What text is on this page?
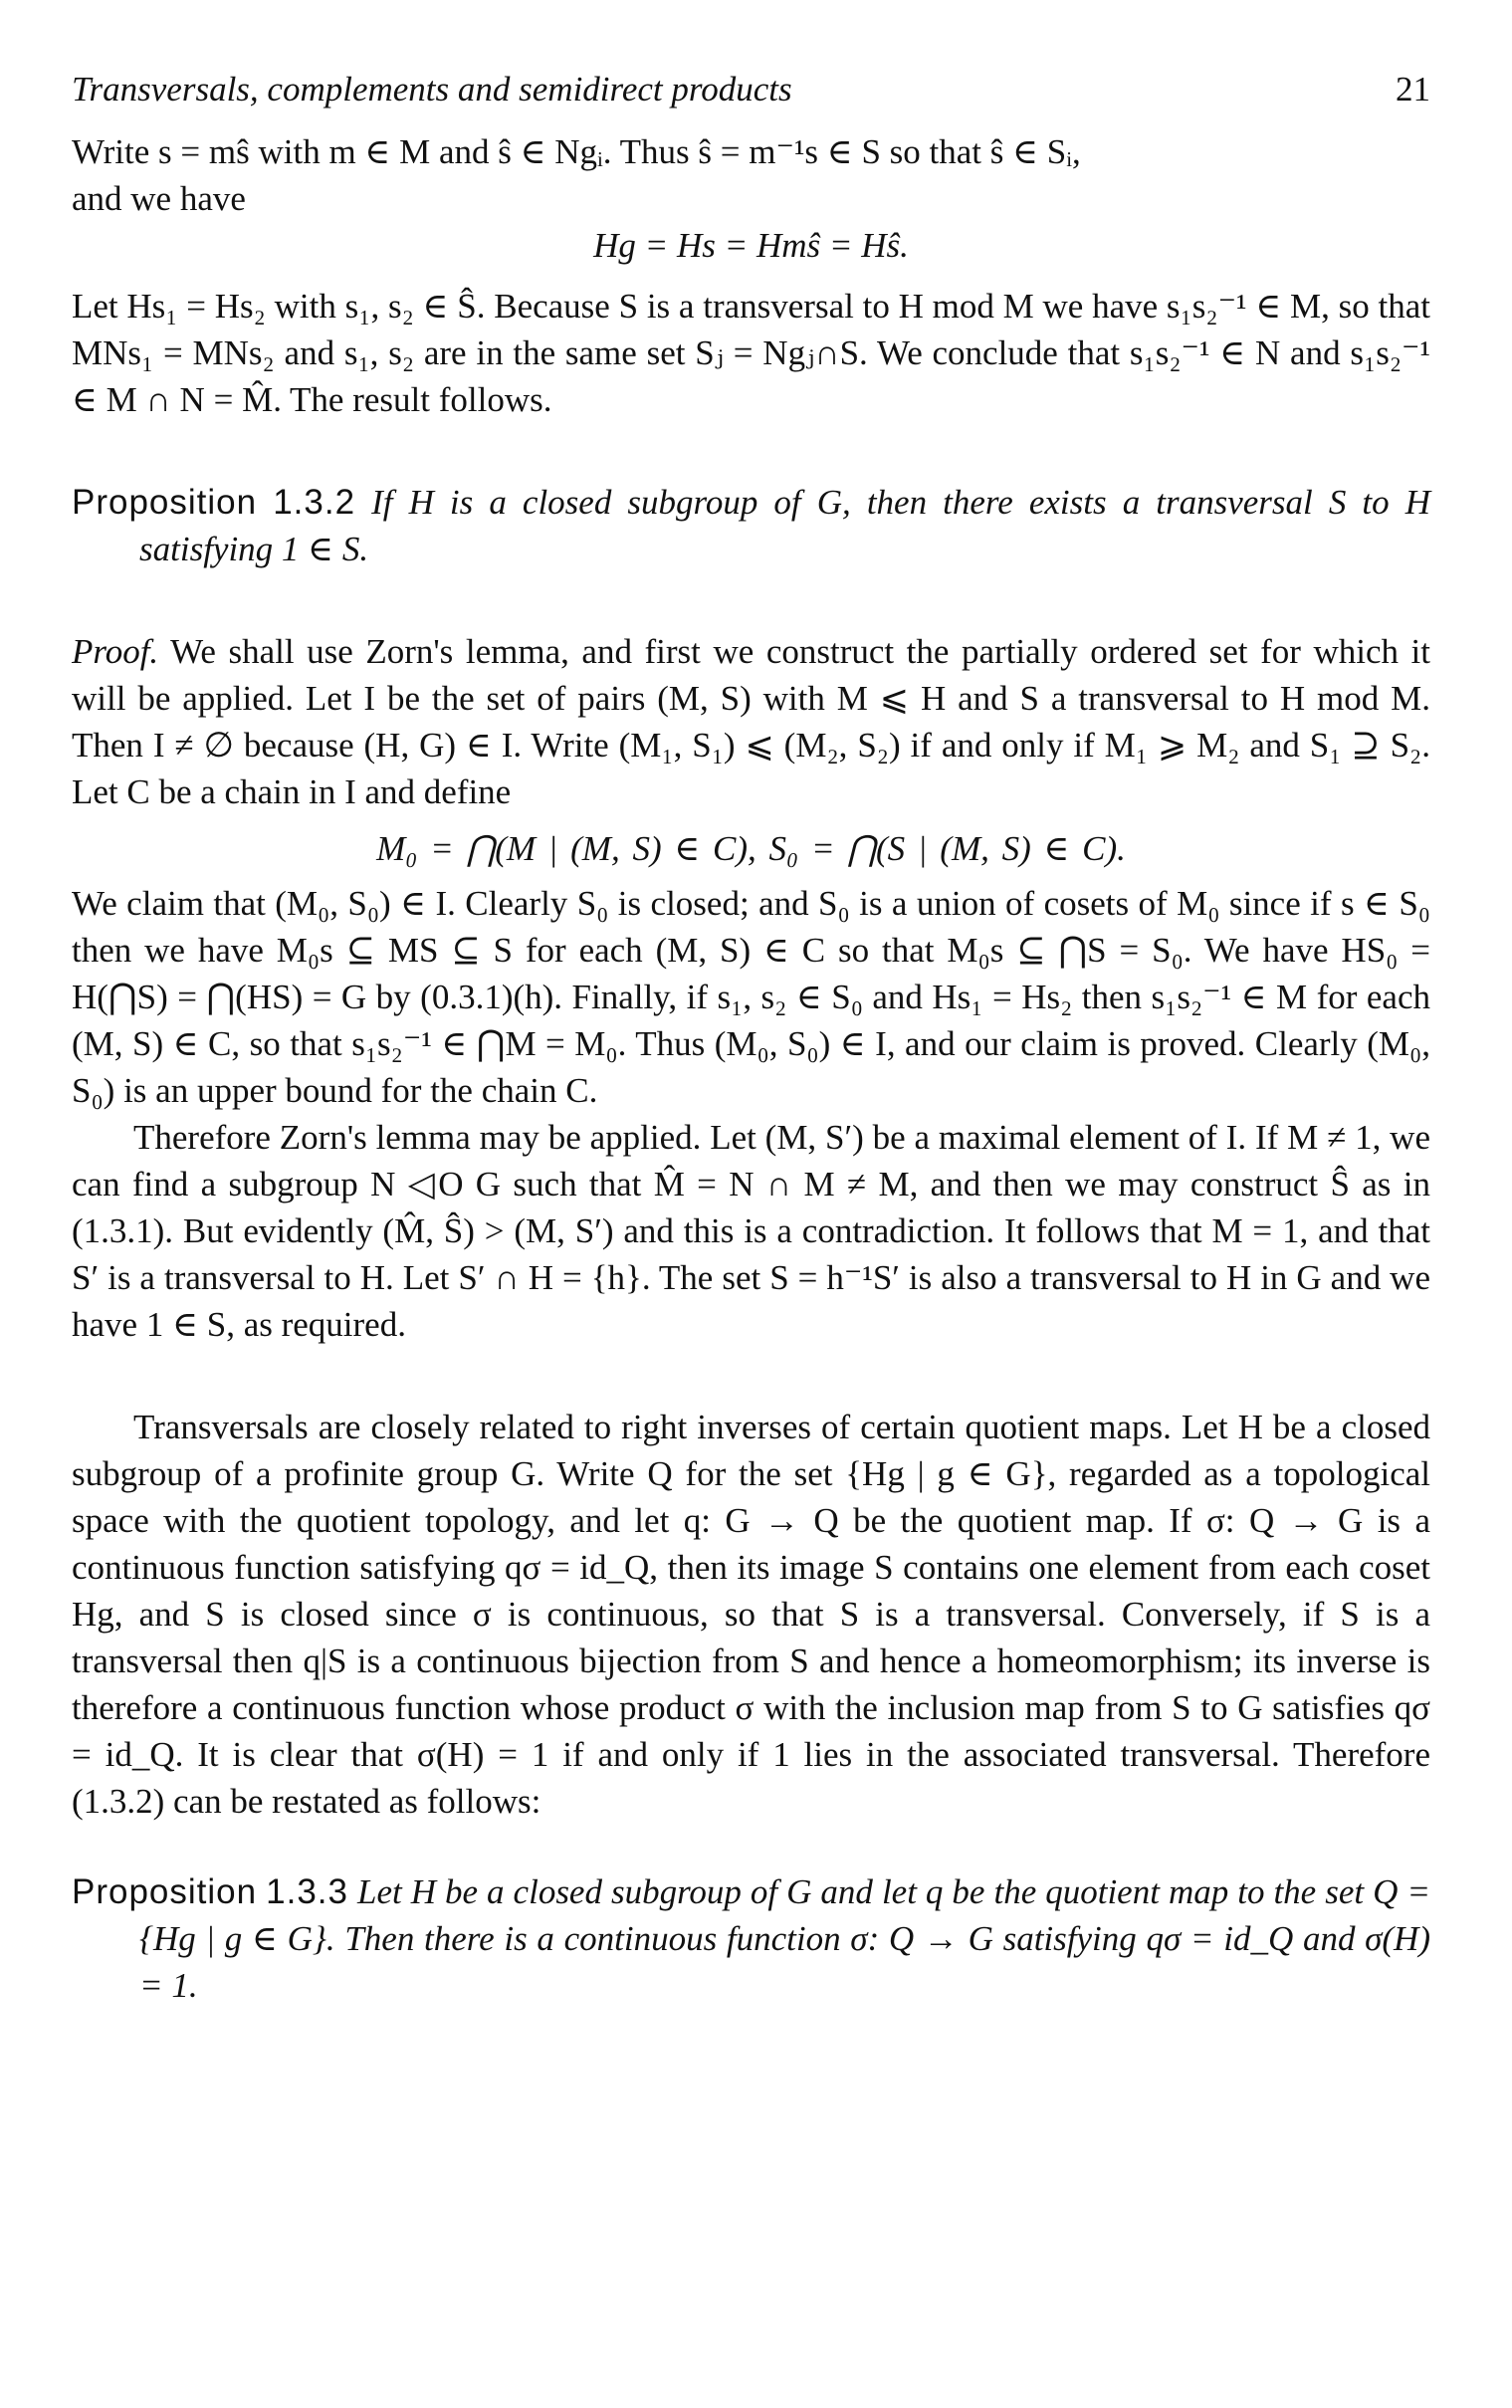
Transversals, complements and semidirect products	21

Write s = mŝ with m ∈ M and ŝ ∈ Ngᵢ. Thus ŝ = m⁻¹s ∈ S so that ŝ ∈ Sᵢ,
and we have

Hg = Hs = Hmŝ = Hŝ.

Let Hs₁ = Hs₂ with s₁, s₂ ∈ Ŝ. Because S is a transversal to H mod M we have s₁s₂⁻¹ ∈ M, so that MNs₁ = MNs₂ and s₁, s₂ are in the same set Sⱼ = Ngⱼ∩S. We conclude that s₁s₂⁻¹ ∈ N and s₁s₂⁻¹ ∈ M ∩ N = M̂. The result follows.

Proposition 1.3.2 If H is a closed subgroup of G, then there exists a transversal S to H satisfying 1 ∈ S.

Proof. We shall use Zorn's lemma, and first we construct the partially ordered set for which it will be applied. Let I be the set of pairs (M, S) with M ⩽ H and S a transversal to H mod M. Then I ≠ ∅ because (H, G) ∈ I. Write (M₁, S₁) ⩽ (M₂, S₂) if and only if M₁ ⩾ M₂ and S₁ ⊇ S₂. Let C be a chain in I and define

M₀ = ⋂(M | (M, S) ∈ C), S₀ = ⋂(S | (M, S) ∈ C).

We claim that (M₀, S₀) ∈ I. Clearly S₀ is closed; and S₀ is a union of cosets of M₀ since if s ∈ S₀ then we have M₀s ⊆ MS ⊆ S for each (M, S) ∈ C so that M₀s ⊆ ⋂S = S₀. We have HS₀ = H(⋂S) = ⋂(HS) = G by (0.3.1)(h). Finally, if s₁, s₂ ∈ S₀ and Hs₁ = Hs₂ then s₁s₂⁻¹ ∈ M for each (M, S) ∈ C, so that s₁s₂⁻¹ ∈ ⋂M = M₀. Thus (M₀, S₀) ∈ I, and our claim is proved. Clearly (M₀, S₀) is an upper bound for the chain C.

Therefore Zorn's lemma may be applied. Let (M, S′) be a maximal element of I. If M ≠ 1, we can find a subgroup N ◁O G such that M̂ = N ∩ M ≠ M, and then we may construct Ŝ as in (1.3.1). But evidently (M̂, Ŝ) > (M, S′) and this is a contradiction. It follows that M = 1, and that S′ is a transversal to H. Let S′ ∩ H = {h}. The set S = h⁻¹S′ is also a transversal to H in G and we have 1 ∈ S, as required.

Transversals are closely related to right inverses of certain quotient maps. Let H be a closed subgroup of a profinite group G. Write Q for the set {Hg | g ∈ G}, regarded as a topological space with the quotient topology, and let q: G → Q be the quotient map. If σ: Q → G is a continuous function satisfying qσ = id_Q, then its image S contains one element from each coset Hg, and S is closed since σ is continuous, so that S is a transversal. Conversely, if S is a transversal then q|S is a continuous bijection from S and hence a homeomorphism; its inverse is therefore a continuous function whose product σ with the inclusion map from S to G satisfies qσ = id_Q. It is clear that σ(H) = 1 if and only if 1 lies in the associated transversal. Therefore (1.3.2) can be restated as follows:

Proposition 1.3.3 Let H be a closed subgroup of G and let q be the quotient map to the set Q = {Hg | g ∈ G}. Then there is a continuous function σ: Q → G satisfying qσ = id_Q and σ(H) = 1.
